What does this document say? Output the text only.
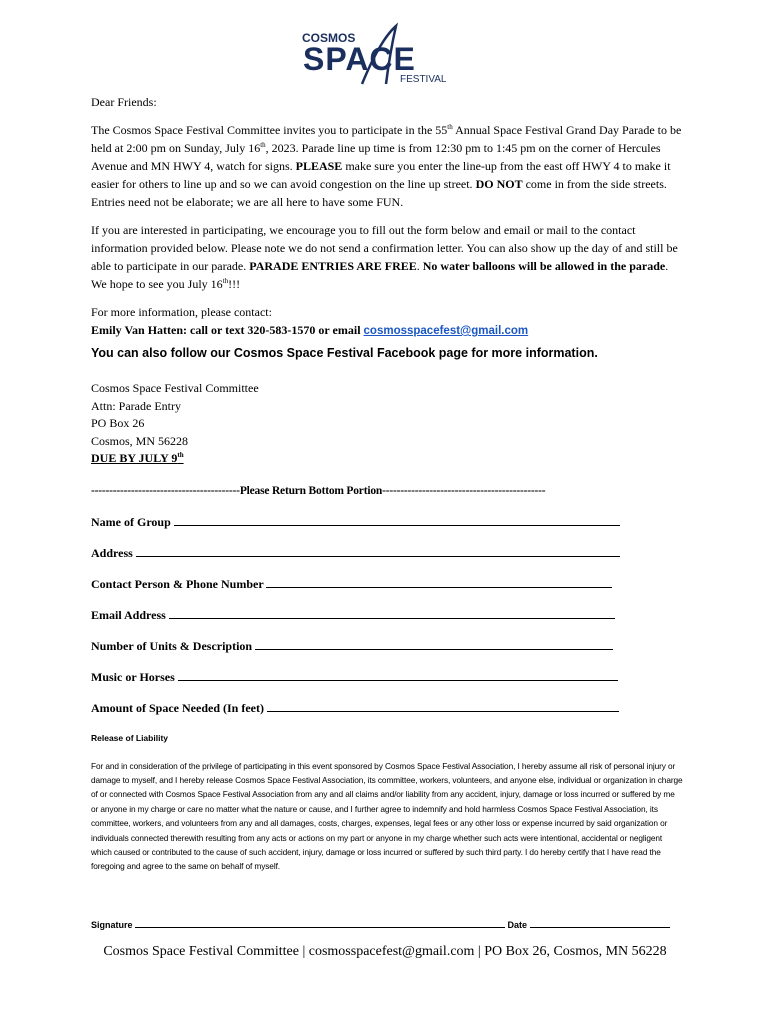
COSMOS
SPACE
FESTIVAL

Dear Friends:

The Cosmos Space Festival Committee invites you to participate in the 55th Annual Space Festival Grand Day Parade to be held at 2:00 pm on Sunday, July 16th, 2023. Parade line up time is from 12:30 pm to 1:45 pm on the corner of Hercules Avenue and MN HWY 4, watch for signs. PLEASE make sure you enter the line-up from the east off HWY 4 to make it easier for others to line up and so we can avoid congestion on the line up street. DO NOT come in from the side streets. Entries need not be elaborate; we are all here to have some FUN.

If you are interested in participating, we encourage you to fill out the form below and email or mail to the contact information provided below. Please note we do not send a confirmation letter. You can also show up the day of and still be able to participate in our parade. PARADE ENTRIES ARE FREE. No water balloons will be allowed in the parade. We hope to see you July 16th!!!

For more information, please contact:

Emily Van Hatten: call or text 320-583-1570 or email cosmosspacefest@gmail.com

You can also follow our Cosmos Space Festival Facebook page for more information.

Cosmos Space Festival Committee

Attn: Parade Entry

PO Box 26

Cosmos, MN 56228

DUE BY JULY 9th

-----------------------------------------Please Return Bottom Portion---------------------------------------------

Name of Group

Address

Contact Person & Phone Number

Email Address

Number of Units & Description

Music or Horses

Amount of Space Needed (In feet)

Release of Liability

For and in consideration of the privilege of participating in this event sponsored by Cosmos Space Festival Association, I hereby assume all risk of personal injury or damage to myself, and I hereby release Cosmos Space Festival Association, its committee, workers, volunteers, and anyone else, individual or organization in charge of or connected with Cosmos Space Festival Association from any and all claims and/or liability from any accident, injury, damage or loss incurred or suffered by me or anyone in my charge or care no matter what the nature or cause, and I further agree to indemnify and hold harmless Cosmos Space Festival Association, its committee, workers, and volunteers from any and all damages, costs, charges, expenses, legal fees or any other loss or expense incurred by said organization or individuals connected therewith resulting from any acts or actions on my part or anyone in my charge whether such acts were intentional, accidental or negligent which caused or contributed to the cause of such accident, injury, damage or loss incurred or suffered by such third party. I do hereby certify that I have read the foregoing and agree to the same on behalf of myself.

Signature	Date

Cosmos Space Festival Committee | cosmosspacefest@gmail.com | PO Box 26, Cosmos, MN 56228
